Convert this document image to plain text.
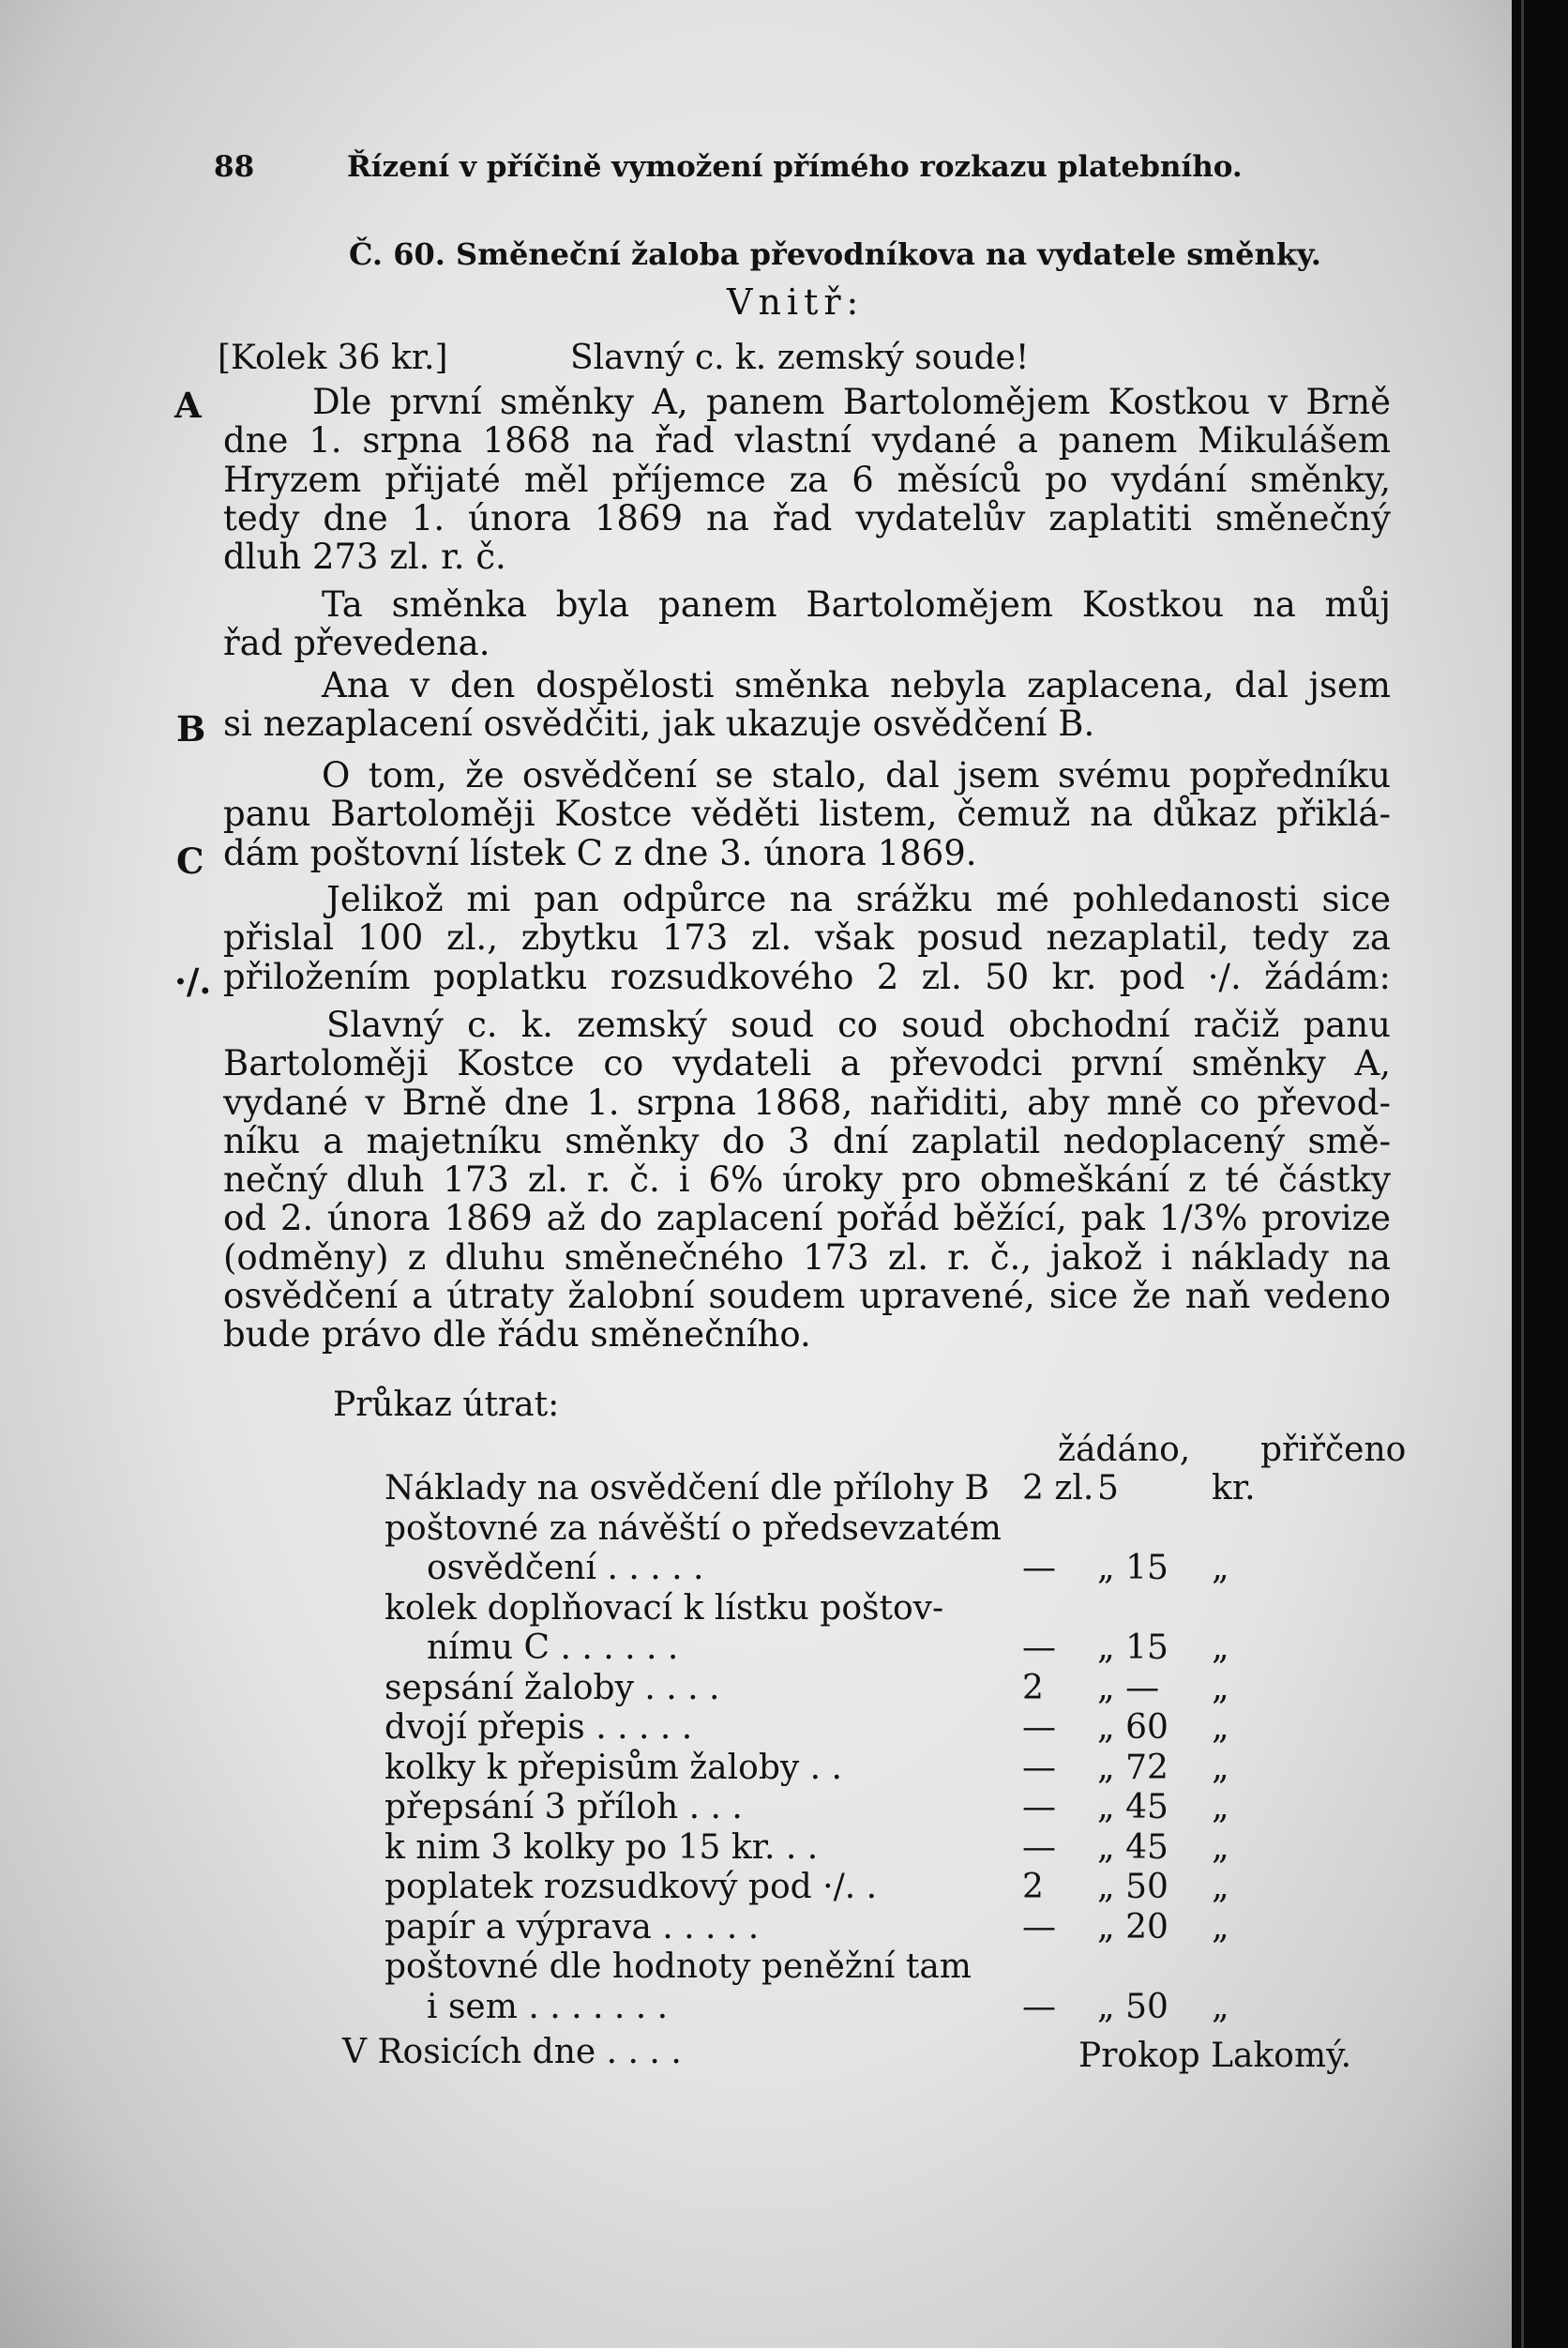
88	Řízení v příčině vymožení přímého rozkazu platebního.
Č. 60. Směneční žaloba převodníkova na vydatele směnky.
Vnitř:
[Kolek 36 kr.]	Slavný c. k. zemský soude!
A
B
C
·/.
Dle první směnky A, panem Bartolomějem Kostkou v Brně
dne 1. srpna 1868 na řad vlastní vydané a panem Mikulášem
Hryzem přijaté měl příjemce za 6 měsíců po vydání směnky,
tedy dne 1. února 1869 na řad vydatelův zaplatiti směnečný
dluh 273 zl. r. č.
Ta směnka byla panem Bartolomějem Kostkou na můj
řad převedena.
Ana v den dospělosti směnka nebyla zaplacena, dal jsem
si nezaplacení osvědčiti, jak ukazuje osvědčení B.
O tom, že osvědčení se stalo, dal jsem svému popředníku
panu Bartoloměji Kostce věděti listem, čemuž na důkaz přiklá-
dám poštovní lístek C z dne 3. února 1869.
Jelikož mi pan odpůrce na srážku mé pohledanosti sice
přislal 100 zl., zbytku 173 zl. však posud nezaplatil, tedy za
přiložením poplatku rozsudkového 2 zl. 50 kr. pod ·/. žádám:
Slavný c. k. zemský soud co soud obchodní račiž panu
Bartoloměji Kostce co vydateli a převodci první směnky A,
vydané v Brně dne 1. srpna 1868, nařiditi, aby mně co převod-
níku a majetníku směnky do 3 dní zaplatil nedoplacený smě-
nečný dluh 173 zl. r. č. i 6% úroky pro obmeškání z té částky
od 2. února 1869 až do zaplacení pořád běžící, pak 1/3% provize
(odměny) z dluhu směnečného 173 zl. r. č., jakož i náklady na
osvědčení a útraty žalobní soudem upravené, sice že naň vedeno
bude právo dle řádu směnečního.
Průkaz útrat:
žádáno, přiřčeno
Náklady na osvědčení dle přílohy B 2 zl. 5	kr.
poštovné za návěští o předsevzatém
osvědčení . . . . .	— „ 15 „
kolek doplňovací k lístku poštov-
nímu C . . . . . .	— „ 15 „
sepsání žaloby . . . .	2 „ — „
dvojí přepis . . . . .	— „ 60 „
kolky k přepisům žaloby . .	— „ 72 „
přepsání 3 příloh . . .	— „ 45 „
k nim 3 kolky po 15 kr. . .	— „ 45 „
poplatek rozsudkový pod ·/. .	2 „ 50 „
papír a výprava . . . . .	— „ 20 „
poštovné dle hodnoty peněžní tam
i sem . . . . . . .	— „ 50 „
V Rosicích dne . . . .	Prokop Lakomý.
